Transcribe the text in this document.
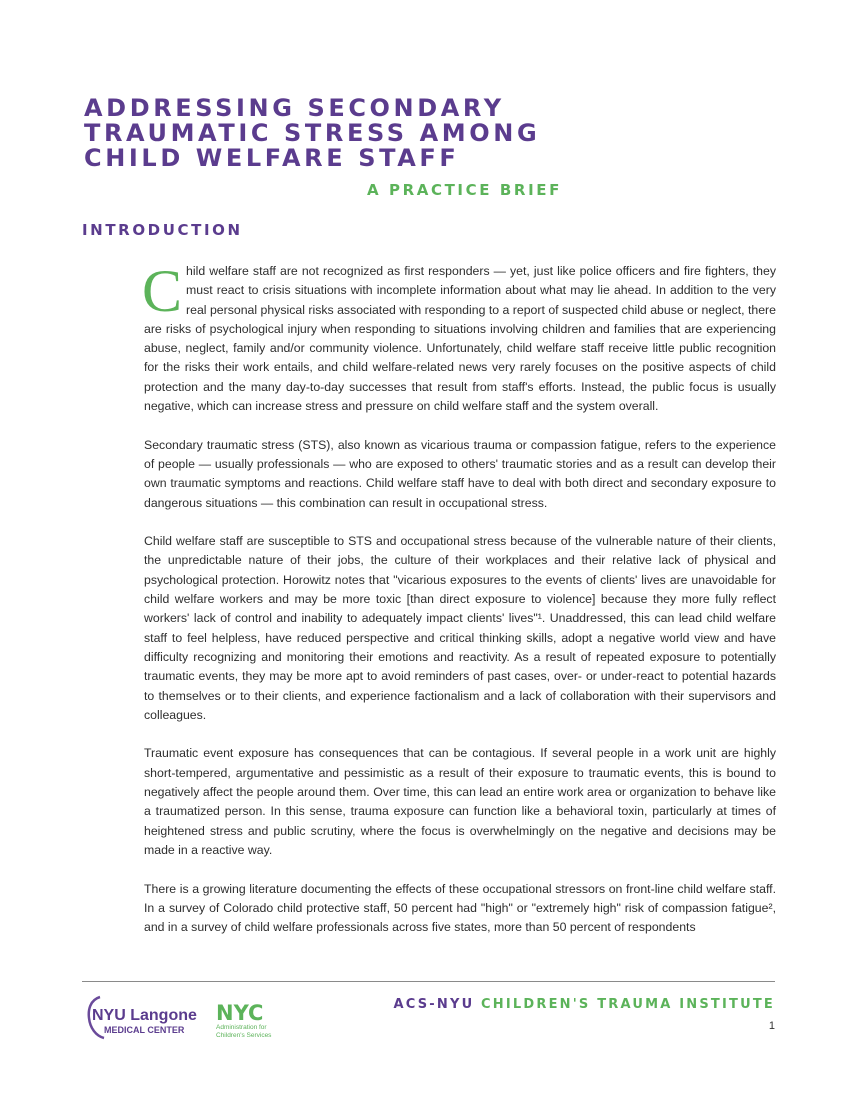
ADDRESSING SECONDARY
TRAUMATIC STRESS AMONG
CHILD WELFARE STAFF
A PRACTICE BRIEF
INTRODUCTION

Child welfare staff are not recognized as first responders — yet, just like police officers and fire fighters, they must react to crisis situations with incomplete information about what may lie ahead. In addition to the very real personal physical risks associated with responding to a report of suspected child abuse or neglect, there are risks of psychological injury when responding to situations involving children and families that are experiencing abuse, neglect, family and/or community violence. Unfortunately, child welfare staff receive little public recognition for the risks their work entails, and child welfare-related news very rarely focuses on the positive aspects of child protection and the many day-to-day successes that result from staff's efforts. Instead, the public focus is usually negative, which can increase stress and pressure on child welfare staff and the system overall.

Secondary traumatic stress (STS), also known as vicarious trauma or compassion fatigue, refers to the experience of people — usually professionals — who are exposed to others' traumatic stories and as a result can develop their own traumatic symptoms and reactions. Child welfare staff have to deal with both direct and secondary exposure to dangerous situations — this combination can result in occupational stress.

Child welfare staff are susceptible to STS and occupational stress because of the vulnerable nature of their clients, the unpredictable nature of their jobs, the culture of their workplaces and their relative lack of physical and psychological protection. Horowitz notes that "vicarious exposures to the events of clients' lives are unavoidable for child welfare workers and may be more toxic [than direct exposure to violence] because they more fully reflect workers' lack of control and inability to adequately impact clients' lives"¹. Unaddressed, this can lead child welfare staff to feel helpless, have reduced perspective and critical thinking skills, adopt a negative world view and have difficulty recognizing and monitoring their emotions and reactivity. As a result of repeated exposure to potentially traumatic events, they may be more apt to avoid reminders of past cases, over- or under-react to potential hazards to themselves or to their clients, and experience factionalism and a lack of collaboration with their supervisors and colleagues.

Traumatic event exposure has consequences that can be contagious. If several people in a work unit are highly short-tempered, argumentative and pessimistic as a result of their exposure to traumatic events, this is bound to negatively affect the people around them. Over time, this can lead an entire work area or organization to behave like a traumatized person. In this sense, trauma exposure can function like a behavioral toxin, particularly at times of heightened stress and public scrutiny, where the focus is overwhelmingly on the negative and decisions may be made in a reactive way.

There is a growing literature documenting the effects of these occupational stressors on front-line child welfare staff. In a survey of Colorado child protective staff, 50 percent had "high" or "extremely high" risk of compassion fatigue², and in a survey of child welfare professionals across five states, more than 50 percent of respondents

NYU Langone
MEDICAL CENTER
NYC
Administration for
Children's Services
ACS-NYU CHILDREN'S TRAUMA INSTITUTE
1
